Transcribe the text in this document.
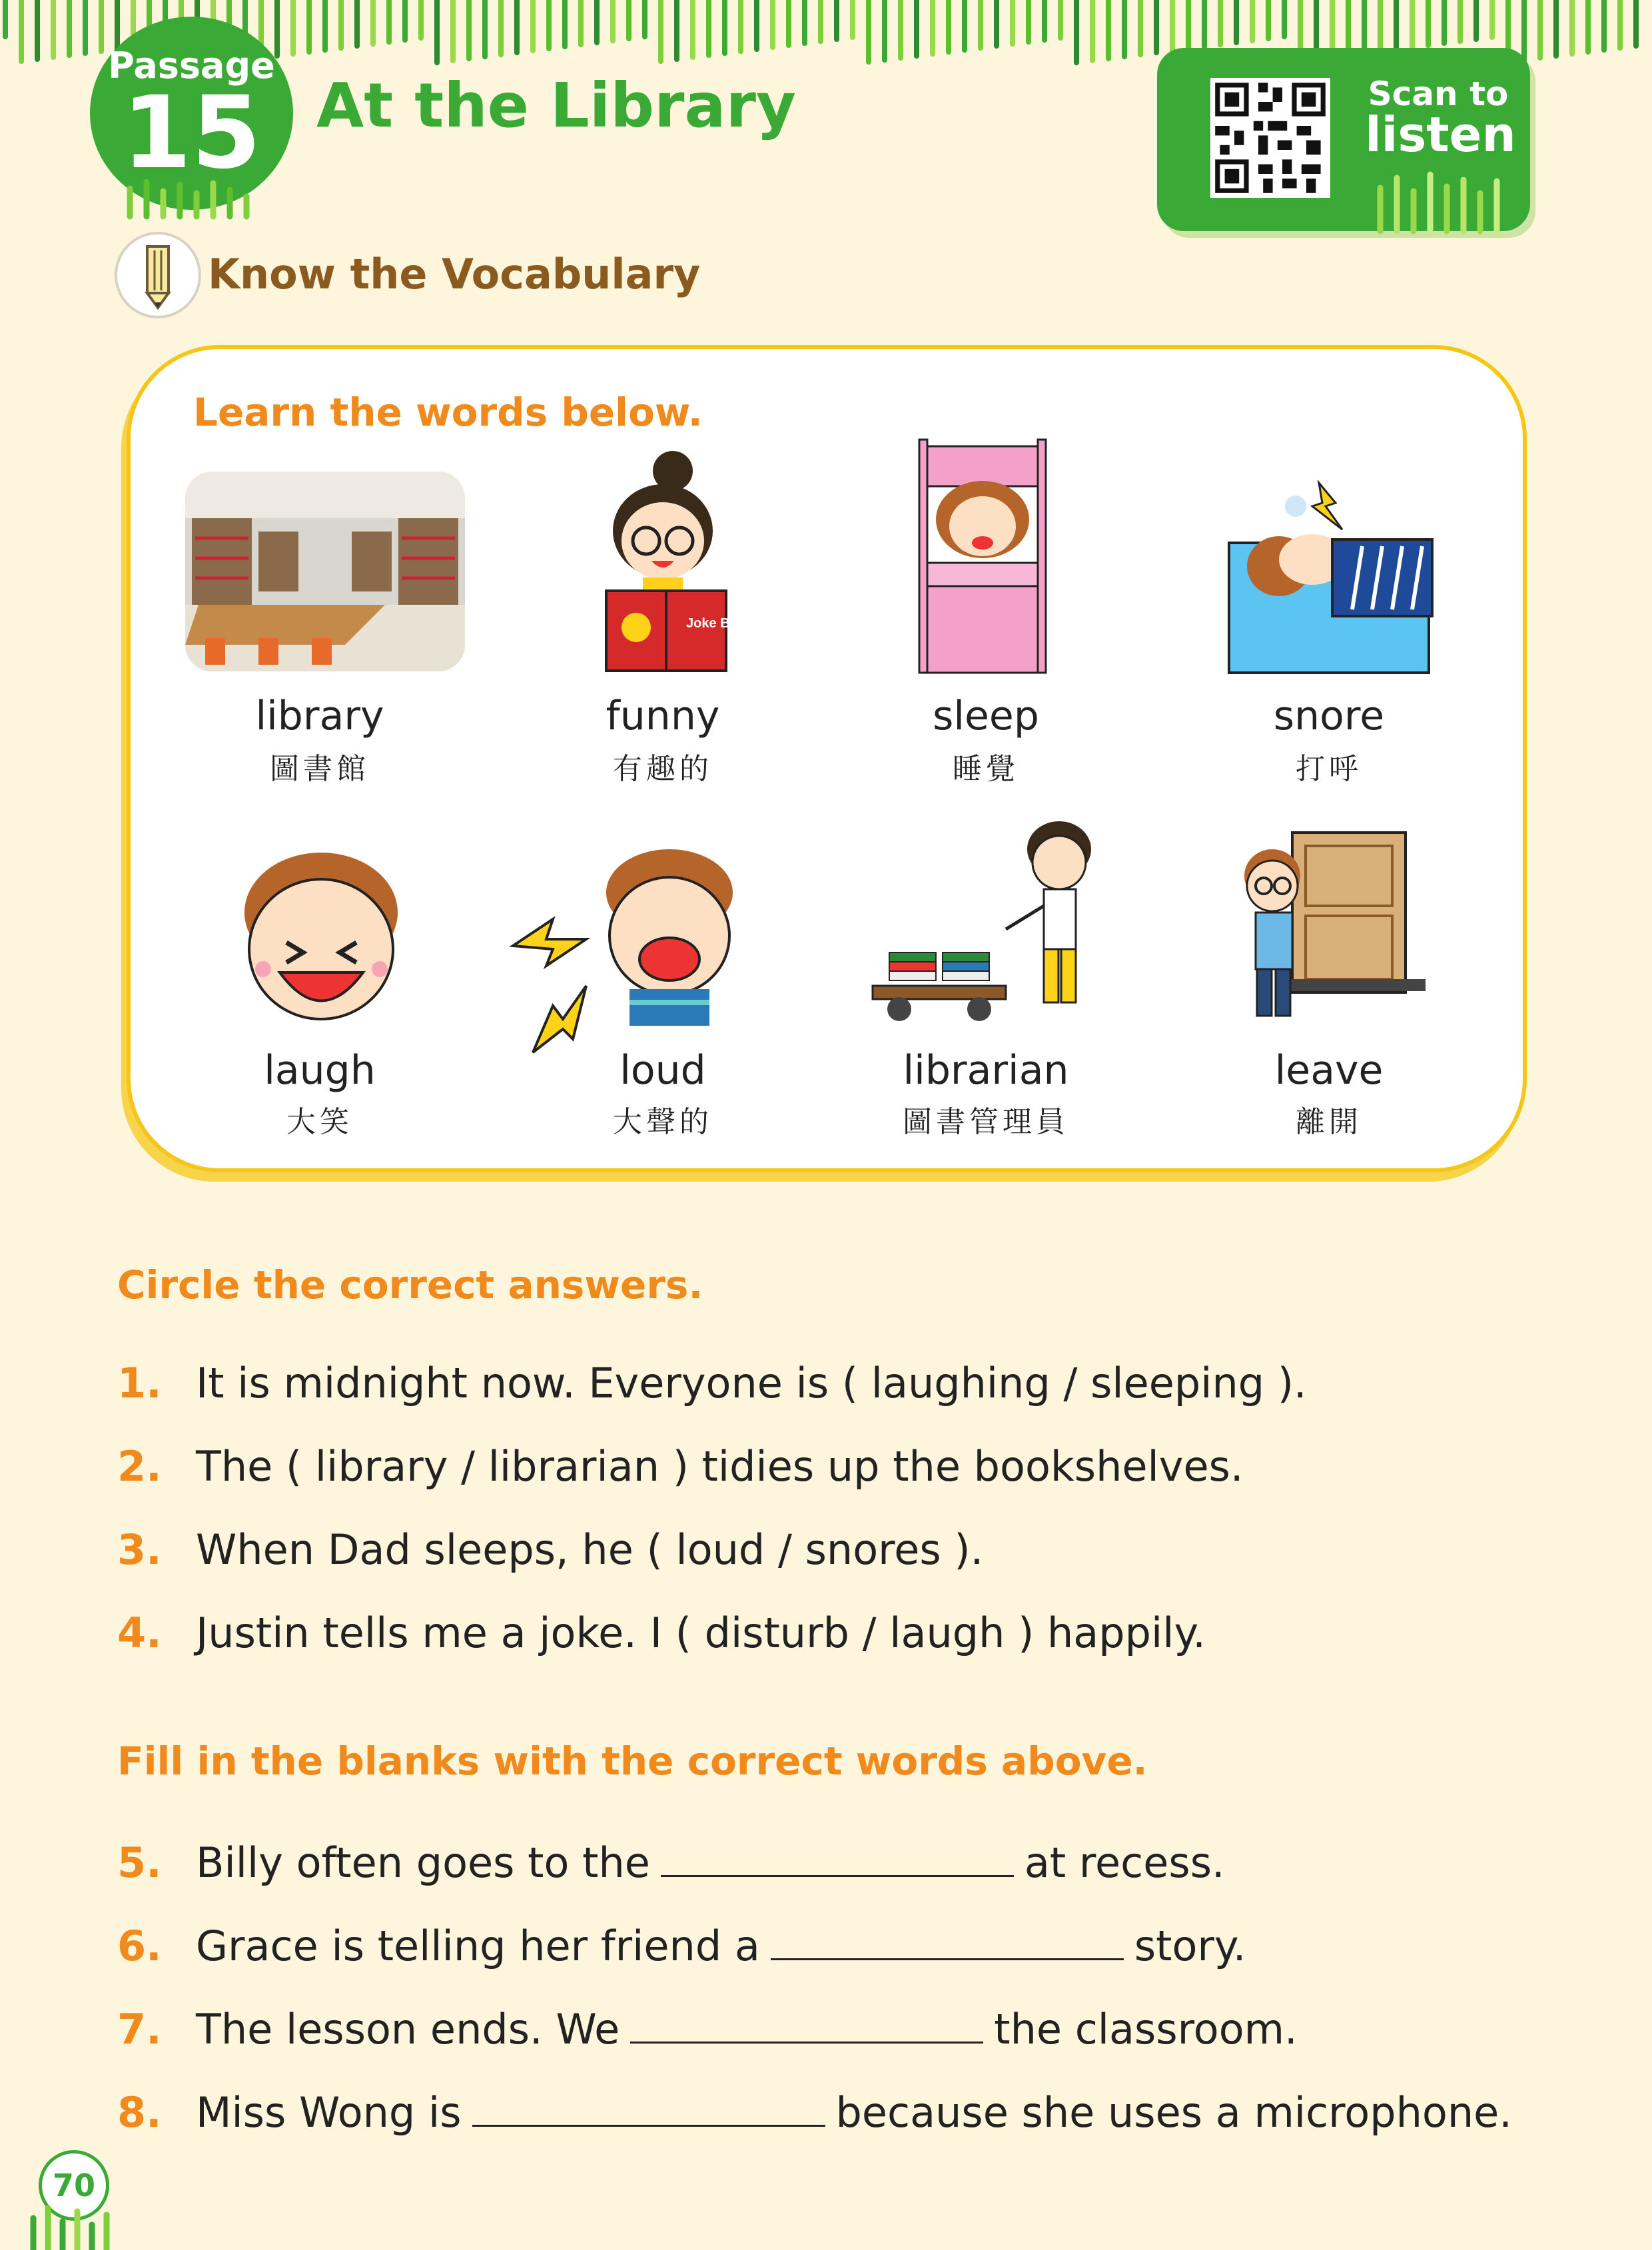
Passage
15 At the Library	Scan to
listen
Know the Vocabulary
Learn the words below.
Joke Book
library
圖書館
funny
有趣的
sleep
睡覺
snore
打呼
laugh
大笑
loud
大聲的
librarian
圖書管理員
leave
離開
Circle the correct answers.
1. It is midnight now. Everyone is ( laughing / sleeping ).
2. The ( library / librarian ) tidies up the bookshelves.
3. When Dad sleeps, he ( loud / snores ).
4. Justin tells me a joke. I ( disturb / laugh ) happily.
Fill in the blanks with the correct words above.
5. Billy often goes to the	at recess.
6. Grace is telling her friend a	story.
7. The lesson ends. We	the classroom.
8. Miss Wong is	because she uses a microphone.
70
